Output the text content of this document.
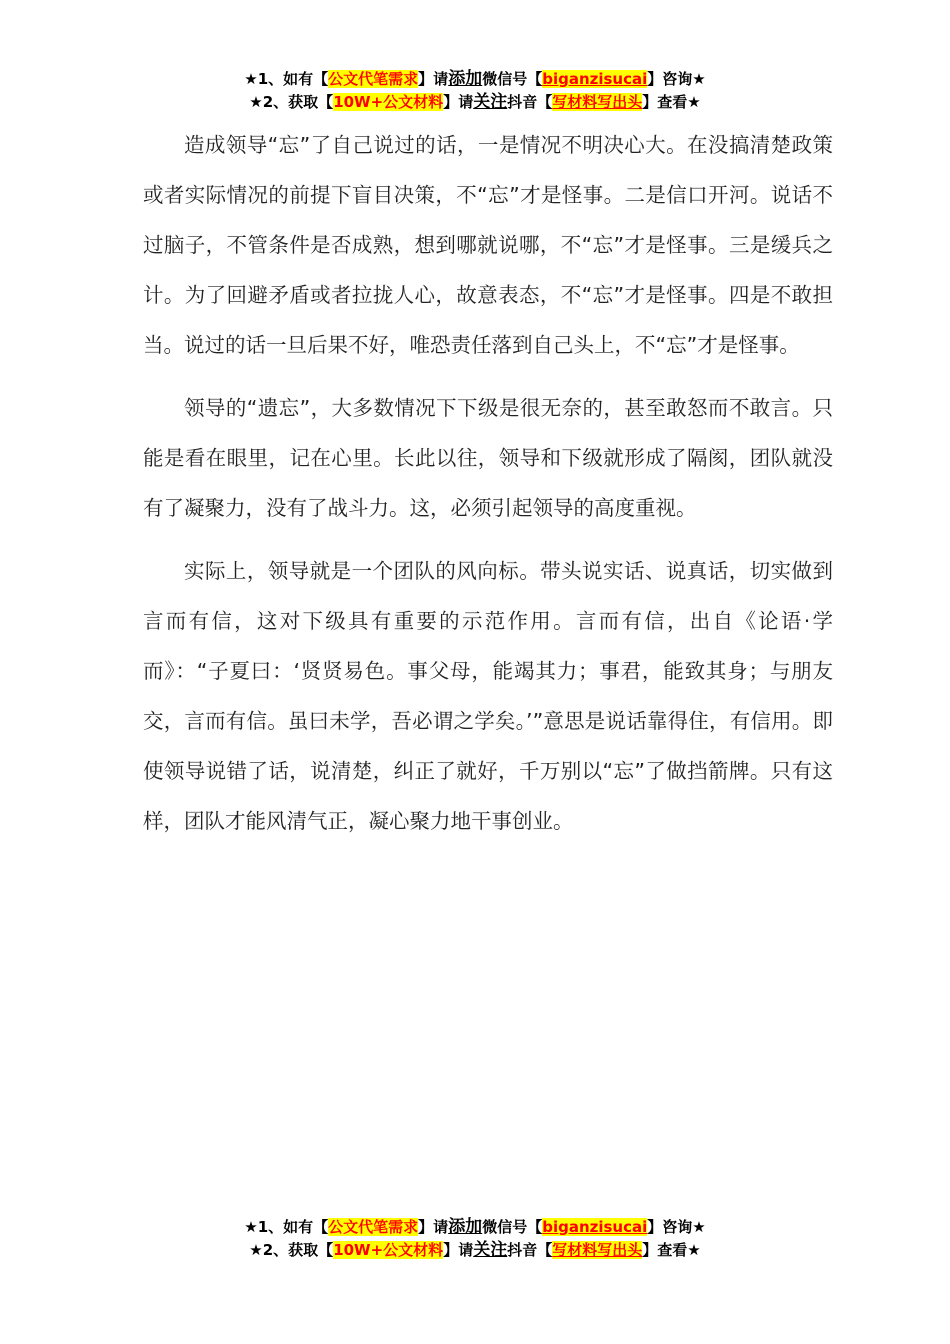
★1、如有【公文代笔需求】请添加微信号【biganzisucai】咨询★
★2、获取【10W+公文材料】请关注抖音【写材料写出头】查看★

造成领导“忘”了自己说过的话，一是情况不明决心大。在没搞清楚政策或者实际情况的前提下盲目决策，不“忘”才是怪事。二是信口开河。说话不过脑子，不管条件是否成熟，想到哪就说哪，不“忘”才是怪事。三是缓兵之计。为了回避矛盾或者拉拢人心，故意表态，不“忘”才是怪事。四是不敢担当。说过的话一旦后果不好，唯恐责任落到自己头上，不“忘”才是怪事。

领导的“遗忘”，大多数情况下下级是很无奈的，甚至敢怒而不敢言。只能是看在眼里，记在心里。长此以往，领导和下级就形成了隔阂，团队就没有了凝聚力，没有了战斗力。这，必须引起领导的高度重视。

实际上，领导就是一个团队的风向标。带头说实话、说真话，切实做到言而有信，这对下级具有重要的示范作用。言而有信，出自《论语·学而》：“子夏曰：‘贤贤易色。事父母，能竭其力；事君，能致其身；与朋友交，言而有信。虽曰未学，吾必谓之学矣。’”意思是说话靠得住，有信用。即使领导说错了话，说清楚，纠正了就好，千万别以“忘”了做挡箭牌。只有这样，团队才能风清气正，凝心聚力地干事创业。

★1、如有【公文代笔需求】请添加微信号【biganzisucai】咨询★
★2、获取【10W+公文材料】请关注抖音【写材料写出头】查看★
